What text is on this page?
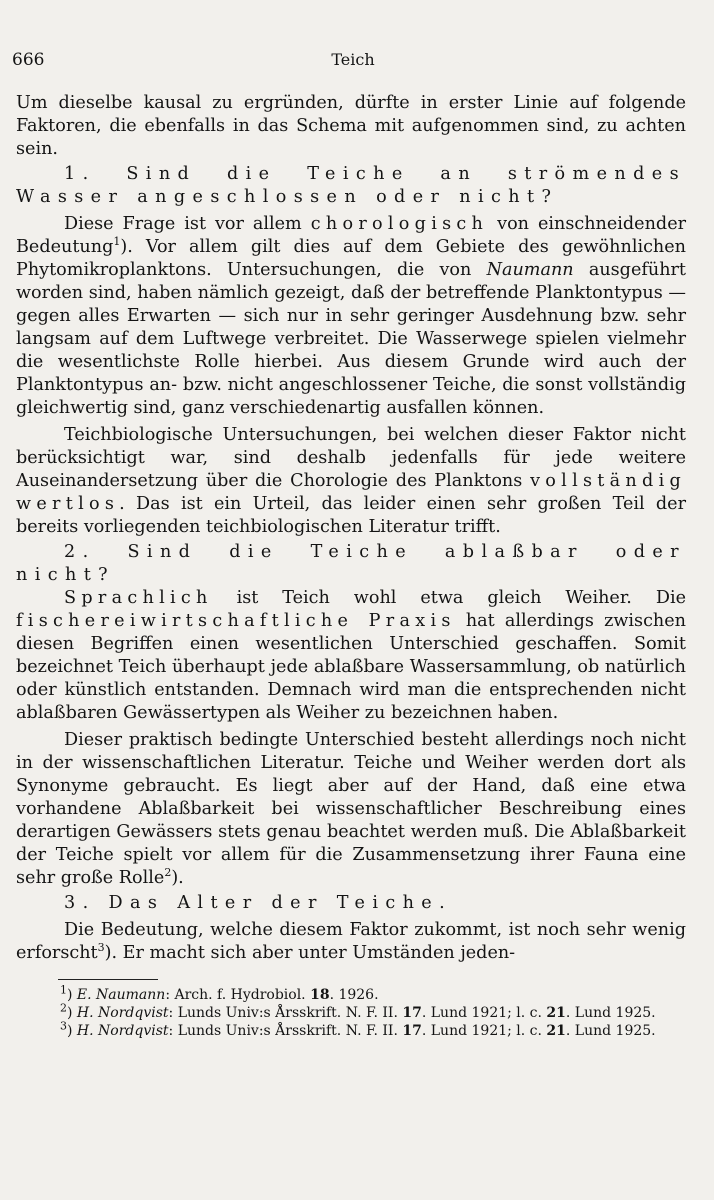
666	Teich

Um dieselbe kausal zu ergründen, dürfte in erster Linie auf folgende Faktoren, die ebenfalls in das Schema mit aufgenommen sind, zu achten sein.

1. Sind die Teiche an strömendes Wasser angeschlossen oder nicht?

Diese Frage ist vor allem chorologisch von einschneidender Bedeutung$^1$). Vor allem gilt dies auf dem Gebiete des gewöhnlichen Phytomikroplanktons. Untersuchungen, die von Naumann ausgeführt worden sind, haben nämlich gezeigt, daß der betreffende Planktontypus — gegen alles Erwarten — sich nur in sehr geringer Ausdehnung bzw. sehr langsam auf dem Luftwege verbreitet. Die Wasserwege spielen vielmehr die wesentlichste Rolle hierbei. Aus diesem Grunde wird auch der Planktontypus an- bzw. nicht angeschlossener Teiche, die sonst vollständig gleichwertig sind, ganz verschiedenartig ausfallen können.

Teichbiologische Untersuchungen, bei welchen dieser Faktor nicht berücksichtigt war, sind deshalb jedenfalls für jede weitere Auseinandersetzung über die Chorologie des Planktons vollständig wertlos. Das ist ein Urteil, das leider einen sehr großen Teil der bereits vorliegenden teichbiologischen Literatur trifft.

2. Sind die Teiche ablaßbar oder nicht?

Sprachlich ist Teich wohl etwa gleich Weiher. Die fischereiwirtschaftliche Praxis hat allerdings zwischen diesen Begriffen einen wesentlichen Unterschied geschaffen. Somit bezeichnet Teich überhaupt jede ablaßbare Wassersammlung, ob natürlich oder künstlich entstanden. Demnach wird man die entsprechenden nicht ablaßbaren Gewässertypen als Weiher zu bezeichnen haben.

Dieser praktisch bedingte Unterschied besteht allerdings noch nicht in der wissenschaftlichen Literatur. Teiche und Weiher werden dort als Synonyme gebraucht. Es liegt aber auf der Hand, daß eine etwa vorhandene Ablaßbarkeit bei wissenschaftlicher Beschreibung eines derartigen Gewässers stets genau beachtet werden muß. Die Ablaßbarkeit der Teiche spielt vor allem für die Zusammensetzung ihrer Fauna eine sehr große Rolle$^2$).

3. Das Alter der Teiche.

Die Bedeutung, welche diesem Faktor zukommt, ist noch sehr wenig erforscht$^3$). Er macht sich aber unter Umständen jeden-

$^1$) E. Naumann: Arch. f. Hydrobiol. 18. 1926.

$^2$) H. Nordqvist: Lunds Univ:s Årsskrift. N. F. II. 17. Lund 1921; l. c. 21. Lund 1925.

$^3$) H. Nordqvist: Lunds Univ:s Årsskrift. N. F. II. 17. Lund 1921; l. c. 21. Lund 1925.
